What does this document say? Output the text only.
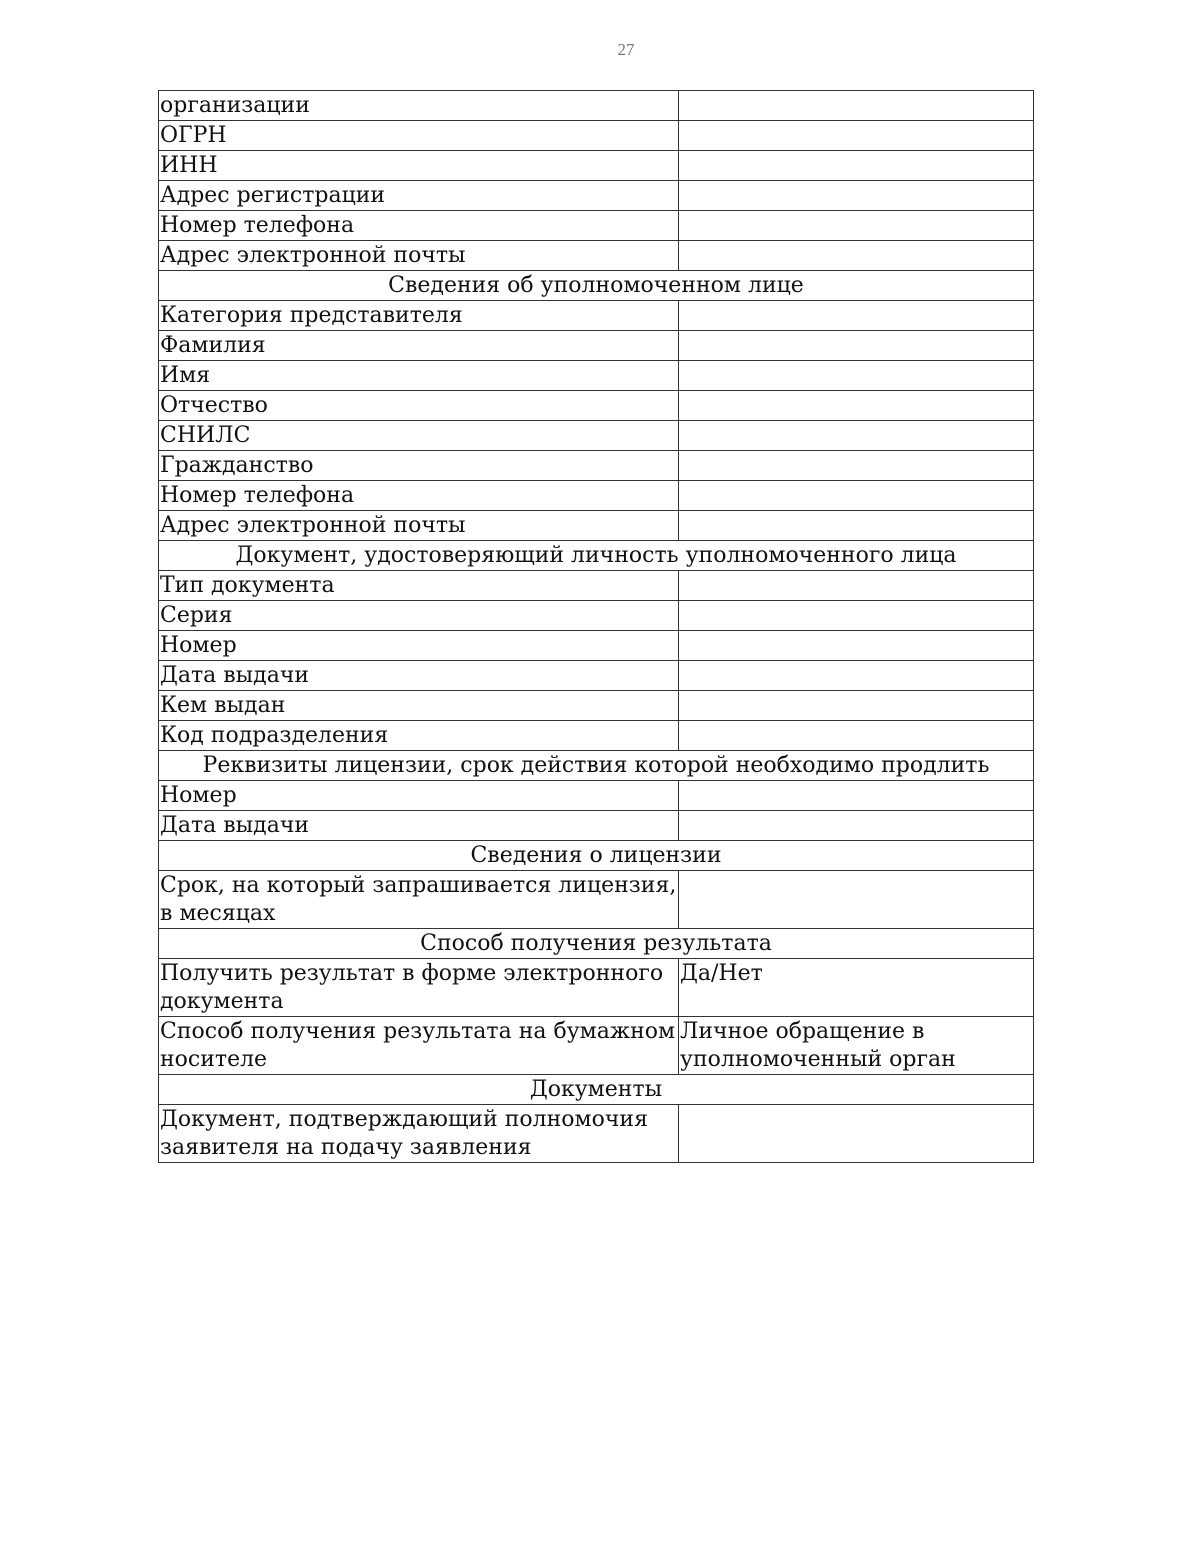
27
организации	
ОГРН	
ИНН	
Адрес регистрации	
Номер телефона	
Адрес электронной почты	
Сведения об уполномоченном лице	
Категория представителя	
Фамилия	
Имя	
Отчество	
СНИЛС	
Гражданство	
Номер телефона	
Адрес электронной почты	
Документ, удостоверяющий личность уполномоченного лица	
Тип документа	
Серия	
Номер	
Дата выдачи	
Кем выдан	
Код подразделения	
Реквизиты лицензии, срок действия которой необходимо продлить	
Номер	
Дата выдачи	
Сведения о лицензии	
Срок, на который запрашивается лицензия, в месяцах	
Способ получения результата	
Получить результат в форме электронного документа	Да/Нет
Способ получения результата на бумажном носителе	Личное обращение в уполномоченный орган
Документы	
Документ, подтверждающий полномочия заявителя на подачу заявления	
